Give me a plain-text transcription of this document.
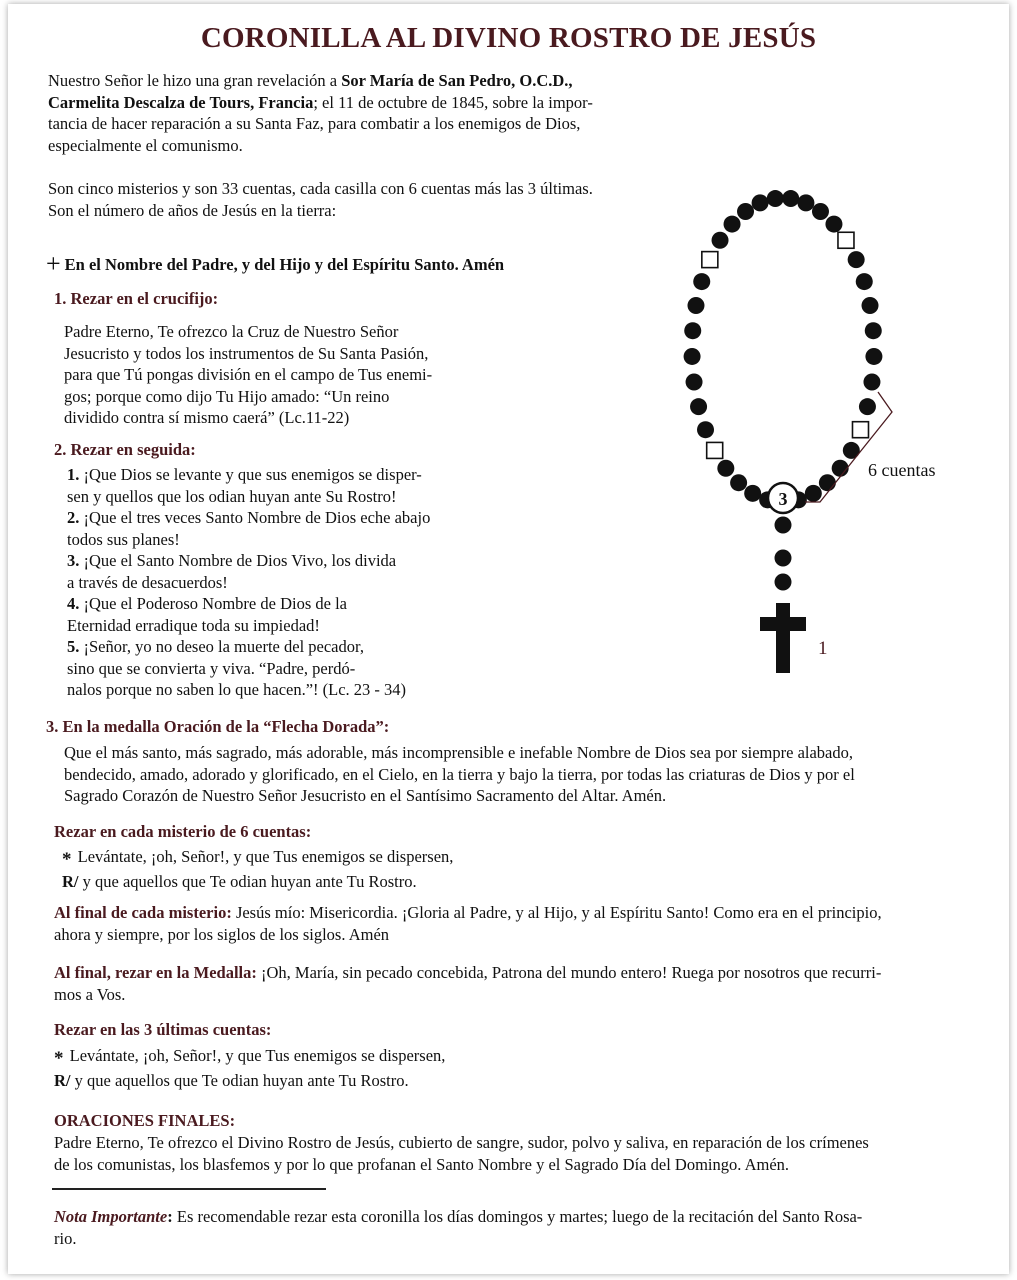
CORONILLA AL DIVINO ROSTRO DE JESÚS
Nuestro Señor le hizo una gran revelación a Sor María de San Pedro, O.C.D.,
Carmelita Descalza de Tours, Francia; el 11 de octubre de 1845, sobre la impor-
tancia de hacer reparación a su Santa Faz, para combatir a los enemigos de Dios,
especialmente el comunismo.
Son cinco misterios y son 33 cuentas, cada casilla con 6 cuentas más las 3 últimas.
Son el número de años de Jesús en la tierra:
+ En el Nombre del Padre, y del Hijo y del Espíritu Santo. Amén
1. Rezar en el crucifijo:
Padre Eterno, Te ofrezco la Cruz de Nuestro Señor
Jesucristo y todos los instrumentos de Su Santa Pasión,
para que Tú pongas división en el campo de Tus enemi-
gos; porque como dijo Tu Hijo amado: “Un reino
dividido contra sí mismo caerá” (Lc.11-22)
2. Rezar en seguida:
1. ¡Que Dios se levante y que sus enemigos se disper-
sen y quellos que los odian huyan ante Su Rostro!
2. ¡Que el tres veces Santo Nombre de Dios eche abajo
todos sus planes!
3. ¡Que el Santo Nombre de Dios Vivo, los divida
a través de desacuerdos!
4. ¡Que el Poderoso Nombre de Dios de la
Eternidad erradique toda su impiedad!
5. ¡Señor, yo no deseo la muerte del pecador,
sino que se convierta y viva. “Padre, perdó-
nalos porque no saben lo que hacen.”! (Lc. 23 - 34)
6 cuentas
3
1
3. En la medalla Oración de la “Flecha Dorada”:
Que el más santo, más sagrado, más adorable, más incomprensible e inefable Nombre de Dios sea por siempre alabado,
bendecido, amado, adorado y glorificado, en el Cielo, en la tierra y bajo la tierra, por todas las criaturas de Dios y por el
Sagrado Corazón de Nuestro Señor Jesucristo en el Santísimo Sacramento del Altar. Amén.
Rezar en cada misterio de 6 cuentas:
* Levántate, ¡oh, Señor!, y que Tus enemigos se dispersen,
R/ y que aquellos que Te odian huyan ante Tu Rostro.
Al final de cada misterio: Jesús mío: Misericordia. ¡Gloria al Padre, y al Hijo, y al Espíritu Santo! Como era en el principio,
ahora y siempre, por los siglos de los siglos. Amén
Al final, rezar en la Medalla: ¡Oh, María, sin pecado concebida, Patrona del mundo entero! Ruega por nosotros que recurri-
mos a Vos.
Rezar en las 3 últimas cuentas:
* Levántate, ¡oh, Señor!, y que Tus enemigos se dispersen,
R/ y que aquellos que Te odian huyan ante Tu Rostro.
ORACIONES FINALES:
Padre Eterno, Te ofrezco el Divino Rostro de Jesús, cubierto de sangre, sudor, polvo y saliva, en reparación de los crímenes
de los comunistas, los blasfemos y por lo que profanan el Santo Nombre y el Sagrado Día del Domingo. Amén.
Nota Importante: Es recomendable rezar esta coronilla los días domingos y martes; luego de la recitación del Santo Rosa-
rio.
